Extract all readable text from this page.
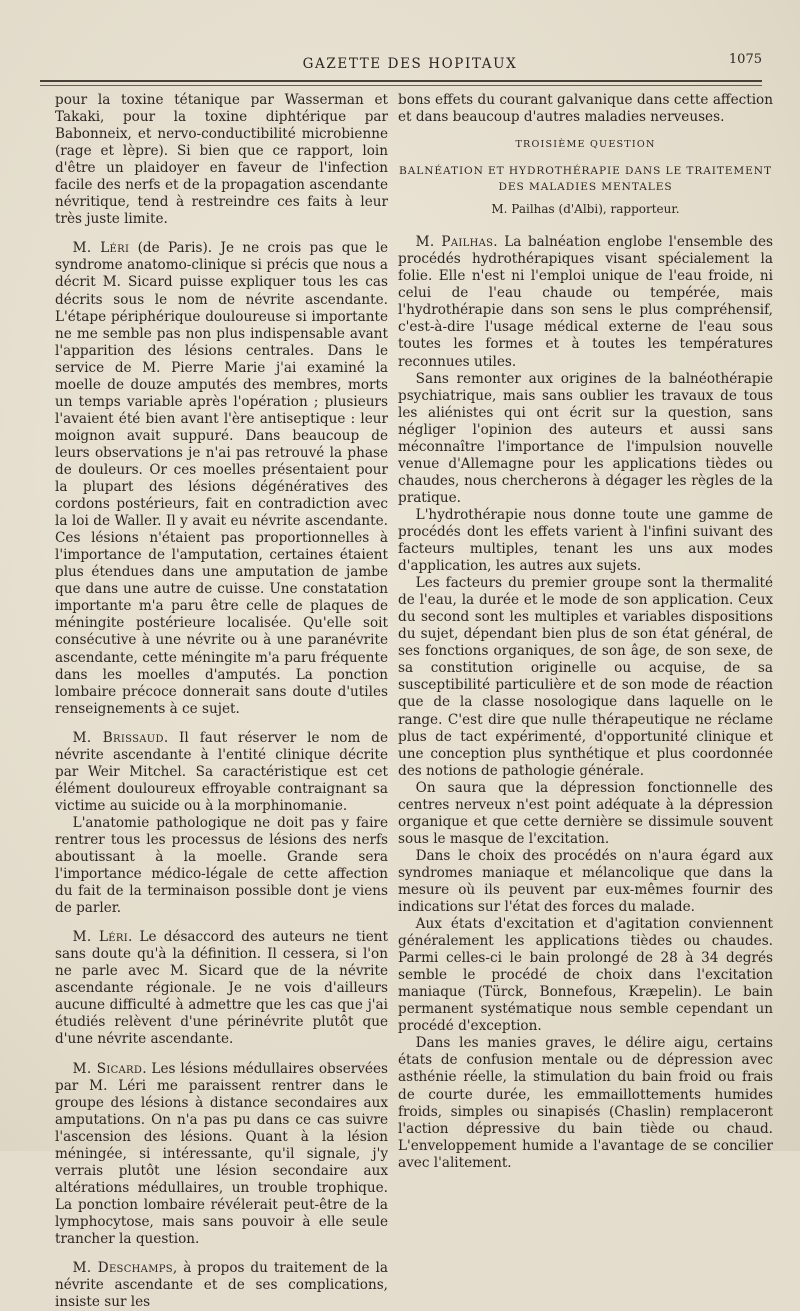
GAZETTE DES HOPITAUX	1075

pour la toxine tétanique par Wasserman et Takaki, pour la toxine diphtérique par Babonneix, et nervo-conductibilité microbienne (rage et lèpre). Si bien que ce rapport, loin d'être un plaidoyer en faveur de l'infection facile des nerfs et de la propagation ascendante névritique, tend à restreindre ces faits à leur très juste limite.

M. Léri (de Paris). Je ne crois pas que le syndrome anatomo-clinique si précis que nous a décrit M. Sicard puisse expliquer tous les cas décrits sous le nom de névrite ascendante. L'étape périphérique douloureuse si importante ne me semble pas non plus indispensable avant l'apparition des lésions centrales. Dans le service de M. Pierre Marie j'ai examiné la moelle de douze amputés des membres, morts un temps variable après l'opération ; plusieurs l'avaient été bien avant l'ère antiseptique : leur moignon avait suppuré. Dans beaucoup de leurs observations je n'ai pas retrouvé la phase de douleurs. Or ces moelles présentaient pour la plupart des lésions dégénératives des cordons postérieurs, fait en contradiction avec la loi de Waller. Il y avait eu névrite ascendante. Ces lésions n'étaient pas proportionnelles à l'importance de l'amputation, certaines étaient plus étendues dans une amputation de jambe que dans une autre de cuisse. Une constatation importante m'a paru être celle de plaques de méningite postérieure localisée. Qu'elle soit consécutive à une névrite ou à une paranévrite ascendante, cette méningite m'a paru fréquente dans les moelles d'amputés. La ponction lombaire précoce donnerait sans doute d'utiles renseignements à ce sujet.

M. Brissaud. Il faut réserver le nom de névrite ascendante à l'entité clinique décrite par Weir Mitchel. Sa caractéristique est cet élément douloureux effroyable contraignant sa victime au suicide ou à la morphinomanie.

L'anatomie pathologique ne doit pas y faire rentrer tous les processus de lésions des nerfs aboutissant à la moelle. Grande sera l'importance médico-légale de cette affection du fait de la terminaison possible dont je viens de parler.

M. Léri. Le désaccord des auteurs ne tient sans doute qu'à la définition. Il cessera, si l'on ne parle avec M. Sicard que de la névrite ascendante régionale. Je ne vois d'ailleurs aucune difficulté à admettre que les cas que j'ai étudiés relèvent d'une périnévrite plutôt que d'une névrite ascendante.

M. Sicard. Les lésions médullaires observées par M. Léri me paraissent rentrer dans le groupe des lésions à distance secondaires aux amputations. On n'a pas pu dans ce cas suivre l'ascension des lésions. Quant à la lésion méningée, si intéressante, qu'il signale, j'y verrais plutôt une lésion secondaire aux altérations médullaires, un trouble trophique. La ponction lombaire révélerait peut-être de la lymphocytose, mais sans pouvoir à elle seule trancher la question.

M. Deschamps, à propos du traitement de la névrite ascendante et de ses complications, insiste sur les

bons effets du courant galvanique dans cette affection et dans beaucoup d'autres maladies nerveuses.

TROISIÈME QUESTION
BALNÉATION ET HYDROTHÉRAPIE DANS LE TRAITEMENT
DES MALADIES MENTALES
M. Pailhas (d'Albi), rapporteur.

M. Pailhas. La balnéation englobe l'ensemble des procédés hydrothérapiques visant spécialement la folie. Elle n'est ni l'emploi unique de l'eau froide, ni celui de l'eau chaude ou tempérée, mais l'hydrothérapie dans son sens le plus compréhensif, c'est-à-dire l'usage médical externe de l'eau sous toutes les formes et à toutes les températures reconnues utiles.

Sans remonter aux origines de la balnéothérapie psychiatrique, mais sans oublier les travaux de tous les aliénistes qui ont écrit sur la question, sans négliger l'opinion des auteurs et aussi sans méconnaître l'importance de l'impulsion nouvelle venue d'Allemagne pour les applications tièdes ou chaudes, nous chercherons à dégager les règles de la pratique.

L'hydrothérapie nous donne toute une gamme de procédés dont les effets varient à l'infini suivant des facteurs multiples, tenant les uns aux modes d'application, les autres aux sujets.

Les facteurs du premier groupe sont la thermalité de l'eau, la durée et le mode de son application. Ceux du second sont les multiples et variables dispositions du sujet, dépendant bien plus de son état général, de ses fonctions organiques, de son âge, de son sexe, de sa constitution originelle ou acquise, de sa susceptibilité particulière et de son mode de réaction que de la classe nosologique dans laquelle on le range. C'est dire que nulle thérapeutique ne réclame plus de tact expérimenté, d'opportunité clinique et une conception plus synthétique et plus coordonnée des notions de pathologie générale.

On saura que la dépression fonctionnelle des centres nerveux n'est point adéquate à la dépression organique et que cette dernière se dissimule souvent sous le masque de l'excitation.

Dans le choix des procédés on n'aura égard aux syndromes maniaque et mélancolique que dans la mesure où ils peuvent par eux-mêmes fournir des indications sur l'état des forces du malade.

Aux états d'excitation et d'agitation conviennent généralement les applications tièdes ou chaudes. Parmi celles-ci le bain prolongé de 28 à 34 degrés semble le procédé de choix dans l'excitation maniaque (Türck, Bonnefous, Kræpelin). Le bain permanent systématique nous semble cependant un procédé d'exception.

Dans les manies graves, le délire aigu, certains états de confusion mentale ou de dépression avec asthénie réelle, la stimulation du bain froid ou frais de courte durée, les emmaillottements humides froids, simples ou sinapisés (Chaslin) remplaceront l'action dépressive du bain tiède ou chaud. L'enveloppement humide a l'avantage de se concilier avec l'alitement.
